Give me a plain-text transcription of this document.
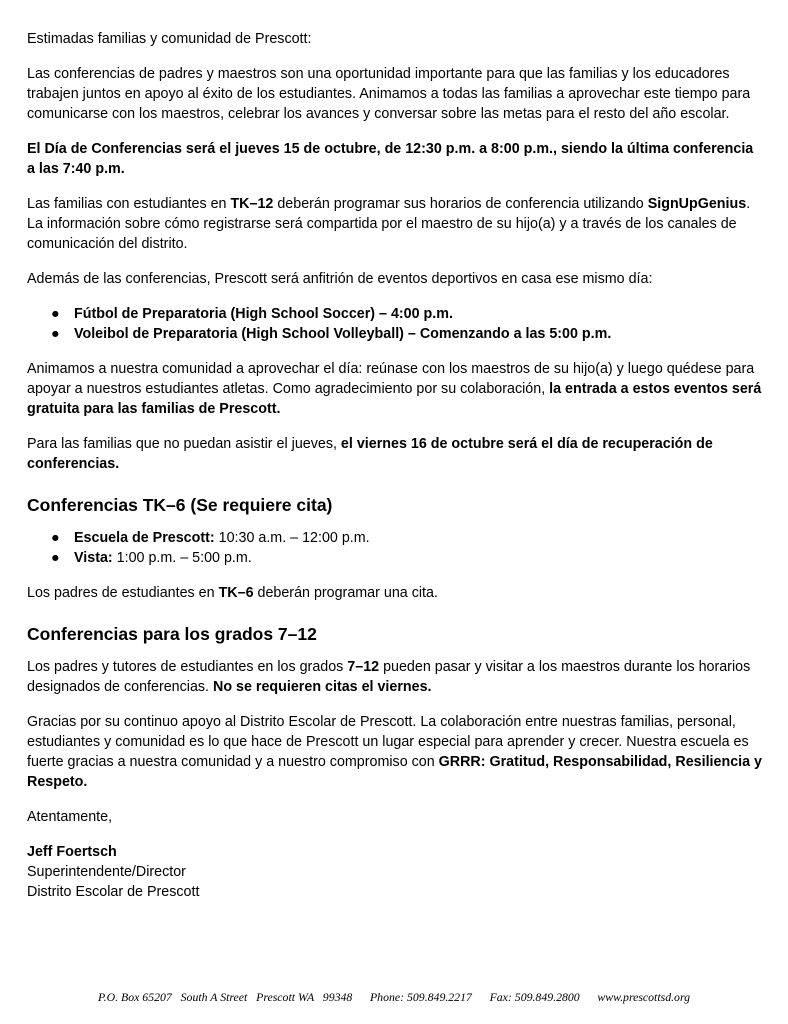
Estimadas familias y comunidad de Prescott:

Las conferencias de padres y maestros son una oportunidad importante para que las familias y los educadores trabajen juntos en apoyo al éxito de los estudiantes. Animamos a todas las familias a aprovechar este tiempo para comunicarse con los maestros, celebrar los avances y conversar sobre las metas para el resto del año escolar.

El Día de Conferencias será el jueves 15 de octubre, de 12:30 p.m. a 8:00 p.m., siendo la última conferencia a las 7:40 p.m.

Las familias con estudiantes en TK–12 deberán programar sus horarios de conferencia utilizando SignUpGenius. La información sobre cómo registrarse será compartida por el maestro de su hijo(a) y a través de los canales de comunicación del distrito.

Además de las conferencias, Prescott será anfitrión de eventos deportivos en casa ese mismo día:

● Fútbol de Preparatoria (High School Soccer) – 4:00 p.m.
● Voleibol de Preparatoria (High School Volleyball) – Comenzando a las 5:00 p.m.

Animamos a nuestra comunidad a aprovechar el día: reúnase con los maestros de su hijo(a) y luego quédese para apoyar a nuestros estudiantes atletas. Como agradecimiento por su colaboración, la entrada a estos eventos será gratuita para las familias de Prescott.

Para las familias que no puedan asistir el jueves, el viernes 16 de octubre será el día de recuperación de conferencias.

Conferencias TK–6 (Se requiere cita)
● Escuela de Prescott: 10:30 a.m. – 12:00 p.m.
● Vista: 1:00 p.m. – 5:00 p.m.

Los padres de estudiantes en TK–6 deberán programar una cita.

Conferencias para los grados 7–12

Los padres y tutores de estudiantes en los grados 7–12 pueden pasar y visitar a los maestros durante los horarios designados de conferencias. No se requieren citas el viernes.

Gracias por su continuo apoyo al Distrito Escolar de Prescott. La colaboración entre nuestras familias, personal, estudiantes y comunidad es lo que hace de Prescott un lugar especial para aprender y crecer. Nuestra escuela es fuerte gracias a nuestra comunidad y a nuestro compromiso con GRRR: Gratitud, Responsabilidad, Resiliencia y Respeto.

Atentamente,

Jeff Foertsch
Superintendente/Director
Distrito Escolar de Prescott
P.O. Box 65207   South A Street   Prescott WA   99348      Phone: 509.849.2217      Fax: 509.849.2800      www.prescottsd.org
